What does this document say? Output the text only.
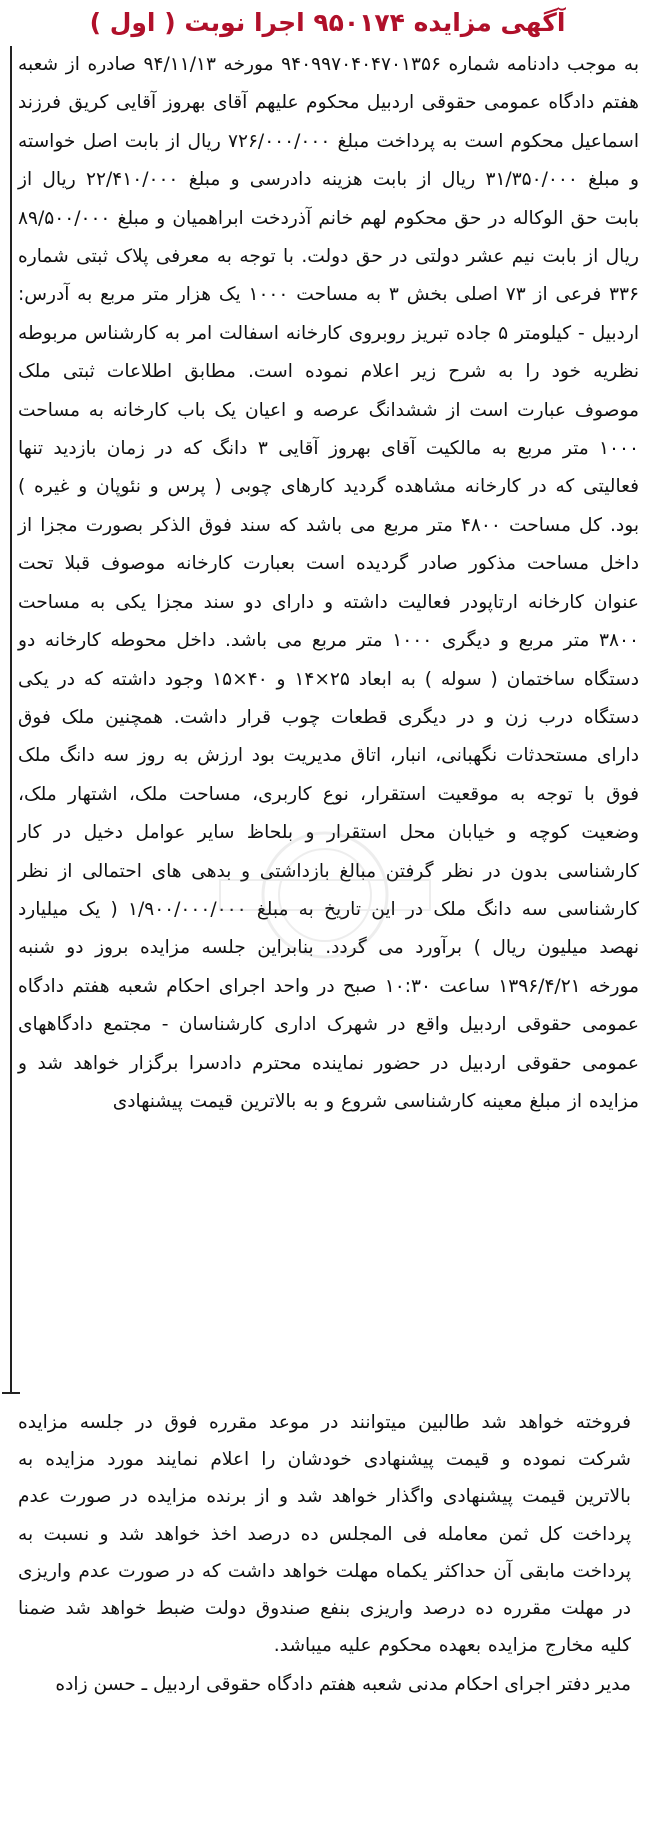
آگهی مزایده ۹۵۰۱۷۴ اجرا نوبت ( اول )

به موجب دادنامه شماره ۹۴۰۹۹۷۰۴۰۴۷۰۱۳۵۶ مورخه ۹۴/۱۱/۱۳ صادره از شعبه هفتم دادگاه عمومی حقوقی اردبیل محکوم علیهم آقای بهروز آقایی کریق فرزند اسماعیل محکوم است به پرداخت مبلغ ۷۲۶/۰۰۰/۰۰۰ ریال از بابت اصل خواسته و مبلغ ۳۱/۳۵۰/۰۰۰ ریال از بابت هزینه دادرسی و مبلغ ۲۲/۴۱۰/۰۰۰ ریال از بابت حق الوکاله در حق محکوم لهم خانم آذردخت ابراهمیان و مبلغ ۸۹/۵۰۰/۰۰۰ ریال از بابت نیم عشر دولتی در حق دولت. با توجه به معرفی پلاک ثبتی شماره ۳۳۶ فرعی از ۷۳ اصلی بخش ۳ به مساحت ۱۰۰۰ یک هزار متر مربع به آدرس: اردبیل - کیلومتر ۵ جاده تبریز روبروی کارخانه اسفالت امر به کارشناس مربوطه نظریه خود را به شرح زیر اعلام نموده است. مطابق اطلاعات ثبتی ملک موصوف عبارت است از ششدانگ عرصه و اعیان یک باب کارخانه به مساحت ۱۰۰۰ متر مربع به مالکیت آقای بهروز آقایی ۳ دانگ که در زمان بازدید تنها فعالیتی که در کارخانه مشاهده گردید کارهای چوبی ( پرس و نئوپان و غیره ) بود. کل مساحت ۴۸۰۰ متر مربع می باشد که سند فوق الذکر بصورت مجزا از داخل مساحت مذکور صادر گردیده است بعبارت کارخانه موصوف قبلا تحت عنوان کارخانه ارتاپودر فعالیت داشته و دارای دو سند مجزا یکی به مساحت ۳۸۰۰ متر مربع و دیگری ۱۰۰۰ متر مربع می باشد. داخل محوطه کارخانه دو دستگاه ساختمان ( سوله ) به ابعاد ۲۵×۱۴ و ۴۰×۱۵ وجود داشته که در یکی دستگاه درب زن و در دیگری قطعات چوب قرار داشت. همچنین ملک فوق دارای مستحدثات نگهبانی، انبار، اتاق مدیریت بود ارزش به روز سه دانگ ملک فوق با توجه به موقعیت استقرار، نوع کاربری، مساحت ملک، اشتهار ملک، وضعیت کوچه و خیابان محل استقرار و بلحاظ سایر عوامل دخیل در کار کارشناسی بدون در نظر گرفتن مبالغ بازداشتی و بدهی های احتمالی از نظر کارشناسی سه دانگ ملک در این تاریخ به مبلغ ۱/۹۰۰/۰۰۰/۰۰۰ ( یک میلیارد نهصد میلیون ریال ) برآورد می گردد. بنابراین جلسه مزایده بروز دو شنبه مورخه ۱۳۹۶/۴/۲۱ ساعت ۱۰:۳۰ صبح در واحد اجرای احکام شعبه هفتم دادگاه عمومی حقوقی اردبیل واقع در شهرک اداری کارشناسان - مجتمع دادگاههای عمومی حقوقی اردبیل در حضور نماینده محترم دادسرا برگزار خواهد شد و مزایده از مبلغ معینه کارشناسی شروع و به بالاترین قیمت پیشنهادی

فروخته خواهد شد طالبین میتوانند در موعد مقرره فوق در جلسه مزایده شرکت نموده و قیمت پیشنهادی خودشان را اعلام نمایند مورد مزایده به بالاترین قیمت پیشنهادی واگذار خواهد شد و از برنده مزایده در صورت عدم پرداخت کل ثمن معامله فی المجلس ده درصد اخذ خواهد شد و نسبت به پرداخت مابقی آن حداکثر یکماه مهلت خواهد داشت که در صورت عدم واریزی در مهلت مقرره ده درصد واریزی بنفع صندوق دولت ضبط خواهد شد ضمنا کلیه مخارج مزایده بعهده محکوم علیه میباشد.

مدیر دفتر اجرای احکام مدنی شعبه هفتم دادگاه حقوقی اردبیل ـ حسن زاده
